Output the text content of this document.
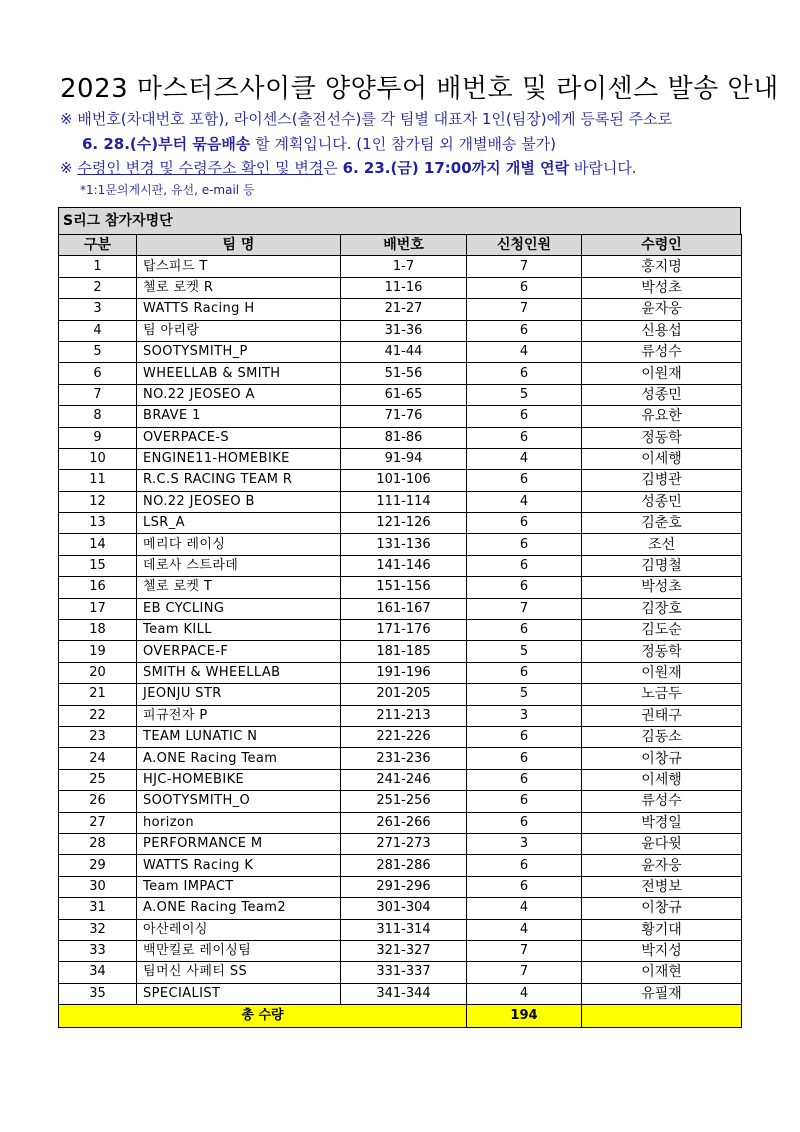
2023 마스터즈사이클 양양투어 배번호 및 라이센스 발송 안내
※ 배번호(차대번호 포함), 라이센스(출전선수)를 각 팀별 대표자 1인(팀장)에게 등록된 주소로
6. 28.(수)부터 묶음배송 할 계획입니다. (1인 참가팀 외 개별배송 불가)
※ 수령인 변경 및 수령주소 확인 및 변경은 6. 23.(금) 17:00까지 개별 연락 바랍니다.
*1:1문의게시판, 유선, e-mail 등
S리그 참가자명단
구분	팀 명	배번호	신청인원	수령인
1	탑스피드 T	1-7	7	홍지명
2	첼로 로켓 R	11-16	6	박성초
3	WATTS Racing H	21-27	7	윤자웅
4	팀 아리랑	31-36	6	신용섭
5	SOOTYSMITH_P	41-44	4	류성수
6	WHEELLAB & SMITH	51-56	6	이원재
7	NO.22 JEOSEO A	61-65	5	성종민
8	BRAVE 1	71-76	6	유요한
9	OVERPACE-S	81-86	6	정동학
10	ENGINE11-HOMEBIKE	91-94	4	이세행
11	R.C.S RACING TEAM R	101-106	6	김병관
12	NO.22 JEOSEO B	111-114	4	성종민
13	LSR_A	121-126	6	김춘호
14	메리다 레이싱	131-136	6	조선
15	데로사 스트라데	141-146	6	김명철
16	첼로 로켓 T	151-156	6	박성초
17	EB CYCLING	161-167	7	김장호
18	Team KILL	171-176	6	김도순
19	OVERPACE-F	181-185	5	정동학
20	SMITH & WHEELLAB	191-196	6	이원재
21	JEONJU STR	201-205	5	노금두
22	피규전자 P	211-213	3	권태구
23	TEAM LUNATIC N	221-226	6	김동소
24	A.ONE Racing Team	231-236	6	이창규
25	HJC-HOMEBIKE	241-246	6	이세행
26	SOOTYSMITH_O	251-256	6	류성수
27	horizon	261-266	6	박경일
28	PERFORMANCE M	271-273	3	윤다윗
29	WATTS Racing K	281-286	6	윤자웅
30	Team IMPACT	291-296	6	전병보
31	A.ONE Racing Team2	301-304	4	이창규
32	아산레이싱	311-314	4	황기대
33	백만킬로 레이싱팀	321-327	7	박지성
34	팀머신 사페티 SS	331-337	7	이재현
35	SPECIALIST	341-344	4	유필재
총 수량			194	
